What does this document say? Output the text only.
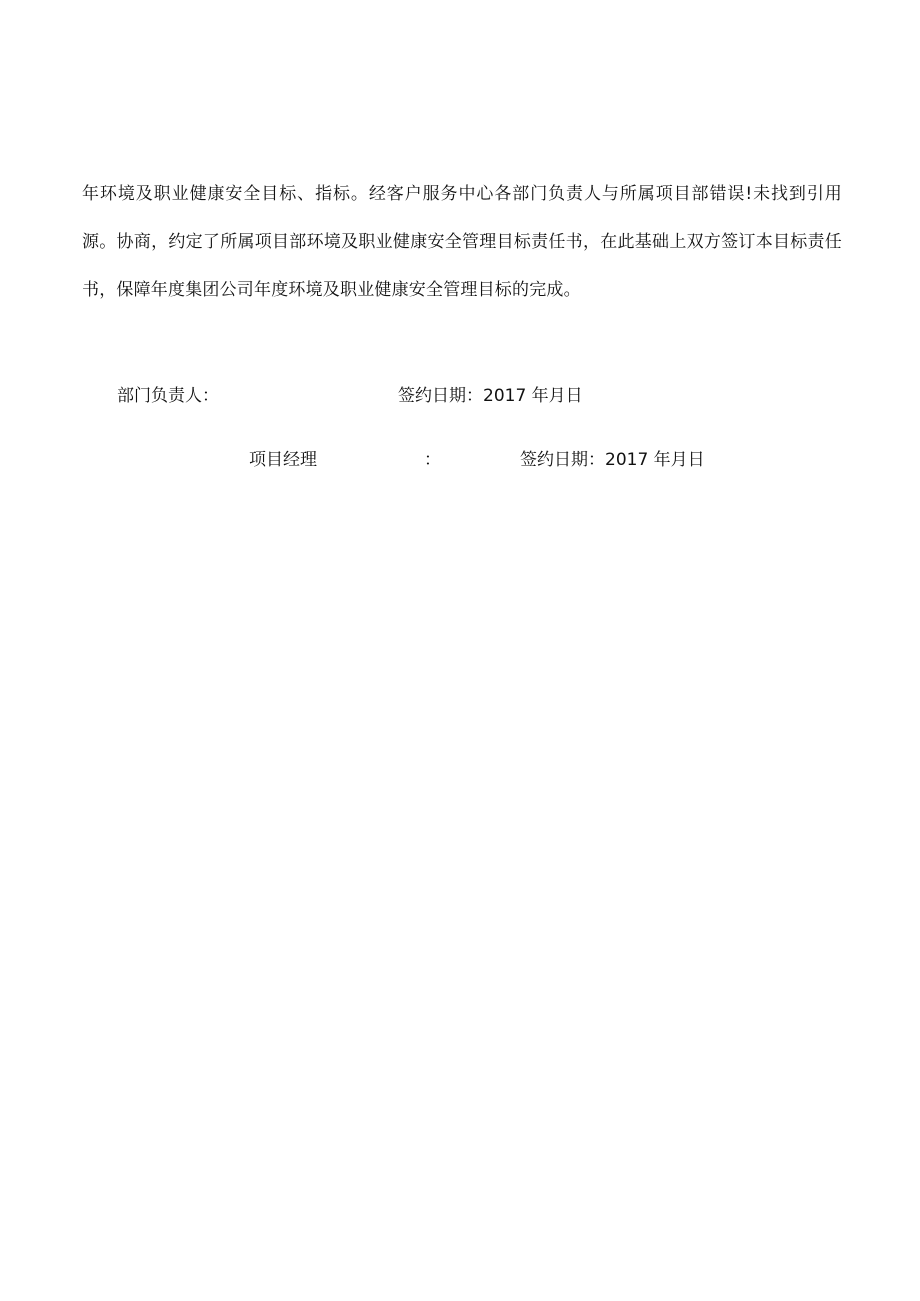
年环境及职业健康安全目标、指标。经客户服务中心各部门负责人与所属项目部错误!未找到引用源。协商，约定了所属项目部环境及职业健康安全管理目标责任书，在此基础上双方签订本目标责任书，保障年度集团公司年度环境及职业健康安全管理目标的完成。

部门负责人：	签约日期：2017 年月日
项目经理	：	签约日期：2017 年月日
